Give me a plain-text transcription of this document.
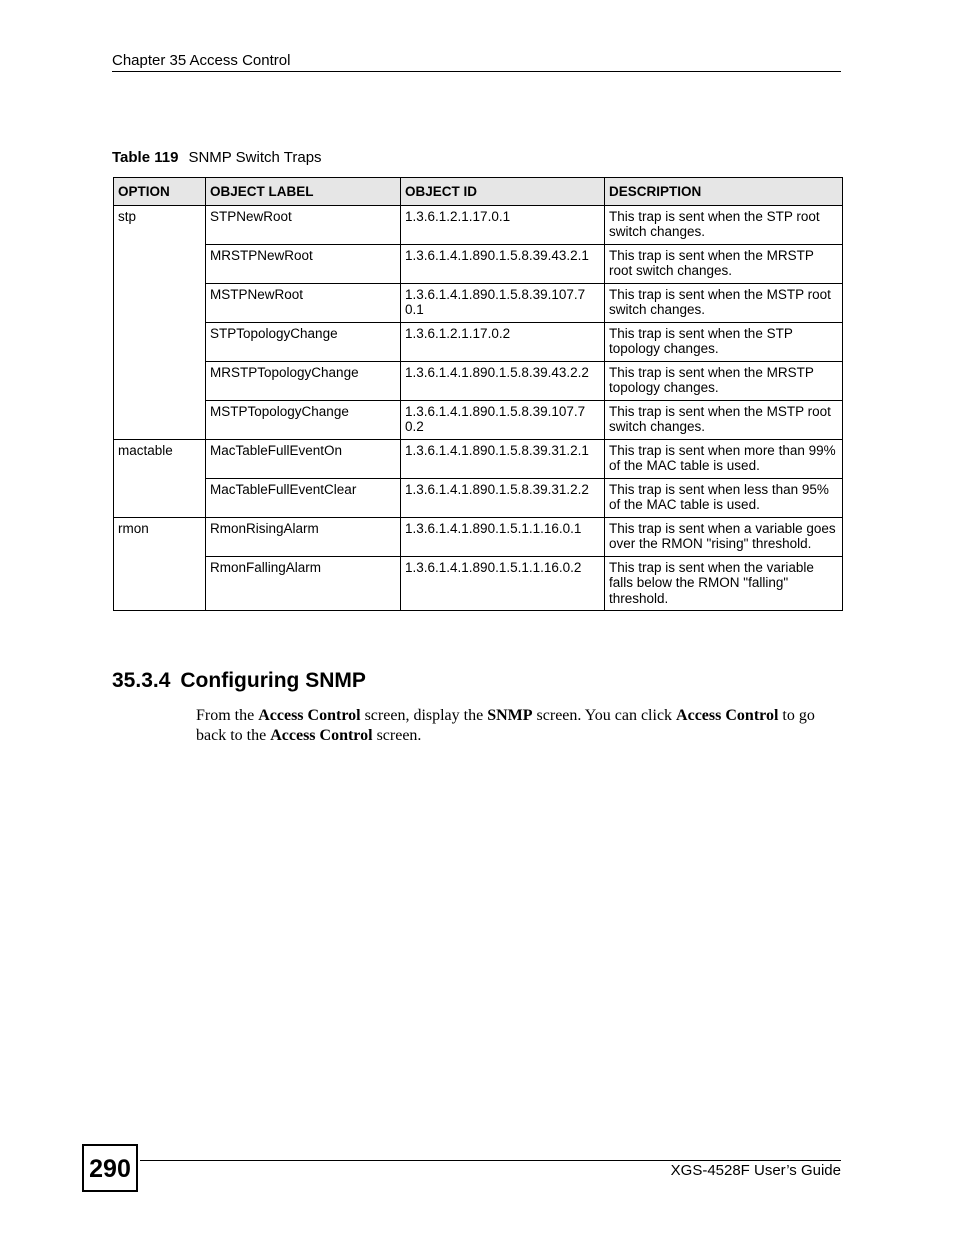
Chapter 35 Access Control
Table 119 SNMP Switch Traps
OPTION	OBJECT LABEL	OBJECT ID	DESCRIPTION
stp	STPNewRoot	1.3.6.1.2.1.17.0.1	This trap is sent when the STP root switch changes.
	MRSTPNewRoot	1.3.6.1.4.1.890.1.5.8.39.43.2.1	This trap is sent when the MRSTP root switch changes.
	MSTPNewRoot	1.3.6.1.4.1.890.1.5.8.39.107.7 0.1	This trap is sent when the MSTP root switch changes.
	STPTopologyChange	1.3.6.1.2.1.17.0.2	This trap is sent when the STP topology changes.
	MRSTPTopologyChange	1.3.6.1.4.1.890.1.5.8.39.43.2.2	This trap is sent when the MRSTP topology changes.
	MSTPTopologyChange	1.3.6.1.4.1.890.1.5.8.39.107.7 0.2	This trap is sent when the MSTP root switch changes.
mactable	MacTableFullEventOn	1.3.6.1.4.1.890.1.5.8.39.31.2.1	This trap is sent when more than 99% of the MAC table is used.
	MacTableFullEventClear	1.3.6.1.4.1.890.1.5.8.39.31.2.2	This trap is sent when less than 95% of the MAC table is used.
rmon	RmonRisingAlarm	1.3.6.1.4.1.890.1.5.1.1.16.0.1	This trap is sent when a variable goes over the RMON "rising" threshold.
	RmonFallingAlarm	1.3.6.1.4.1.890.1.5.1.1.16.0.2	This trap is sent when the variable falls below the RMON "falling" threshold.
35.3.4 Configuring SNMP
From the Access Control screen, display the SNMP screen. You can click Access Control to go back to the Access Control screen.
290	XGS-4528F User’s Guide
